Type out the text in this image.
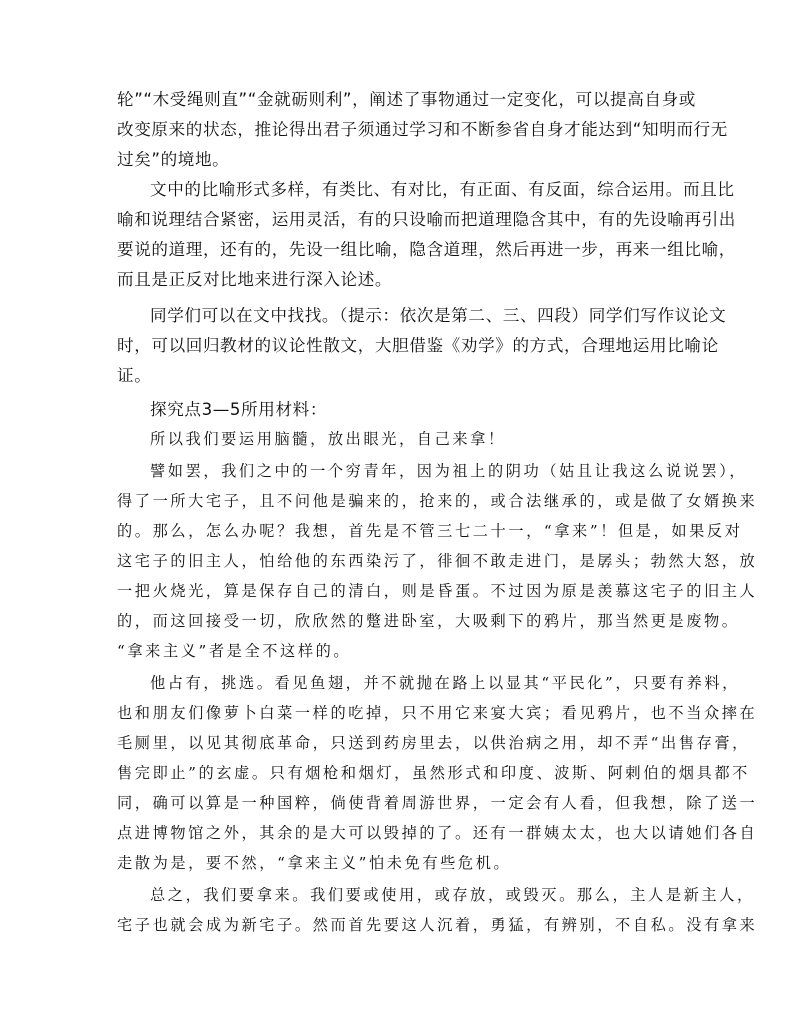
轮”“木受绳则直”“金就砺则利”，阐述了事物通过一定变化，可以提高自身或

改变原来的状态，推论得出君子须通过学习和不断参省自身才能达到“知明而行无

过矣”的境地。

文中的比喻形式多样，有类比、有对比，有正面、有反面，综合运用。而且比

喻和说理结合紧密，运用灵活，有的只设喻而把道理隐含其中，有的先设喻再引出

要说的道理，还有的，先设一组比喻，隐含道理，然后再进一步，再来一组比喻，

而且是正反对比地来进行深入论述。

同学们可以在文中找找。（提示：依次是第二、三、四段）同学们写作议论文

时，可以回归教材的议论性散文，大胆借鉴《劝学》的方式，合理地运用比喻论

证。

探究点3—5所用材料：

所以我们要运用脑髓，放出眼光，自己来拿！

譬如罢，我们之中的一个穷青年，因为祖上的阴功（姑且让我这么说说罢），

得了一所大宅子，且不问他是骗来的，抢来的，或合法继承的，或是做了女婿换来

的。那么，怎么办呢？我想，首先是不管三七二十一，“拿来”！但是，如果反对

这宅子的旧主人，怕给他的东西染污了，徘徊不敢走进门，是孱头；勃然大怒，放

一把火烧光，算是保存自己的清白，则是昏蛋。不过因为原是羡慕这宅子的旧主人

的，而这回接受一切，欣欣然的蹩进卧室，大吸剩下的鸦片，那当然更是废物。

“拿来主义”者是全不这样的。

他占有，挑选。看见鱼翅，并不就抛在路上以显其“平民化”，只要有养料，

也和朋友们像萝卜白菜一样的吃掉，只不用它来宴大宾；看见鸦片，也不当众摔在

毛厕里，以见其彻底革命，只送到药房里去，以供治病之用，却不弄“出售存膏，

售完即止”的玄虚。只有烟枪和烟灯，虽然形式和印度、波斯、阿剌伯的烟具都不

同，确可以算是一种国粹，倘使背着周游世界，一定会有人看，但我想，除了送一

点进博物馆之外，其余的是大可以毁掉的了。还有一群姨太太，也大以请她们各自

走散为是，要不然，“拿来主义”怕未免有些危机。

总之，我们要拿来。我们要或使用，或存放，或毁灭。那么，主人是新主人，

宅子也就会成为新宅子。然而首先要这人沉着，勇猛，有辨别，不自私。没有拿来
